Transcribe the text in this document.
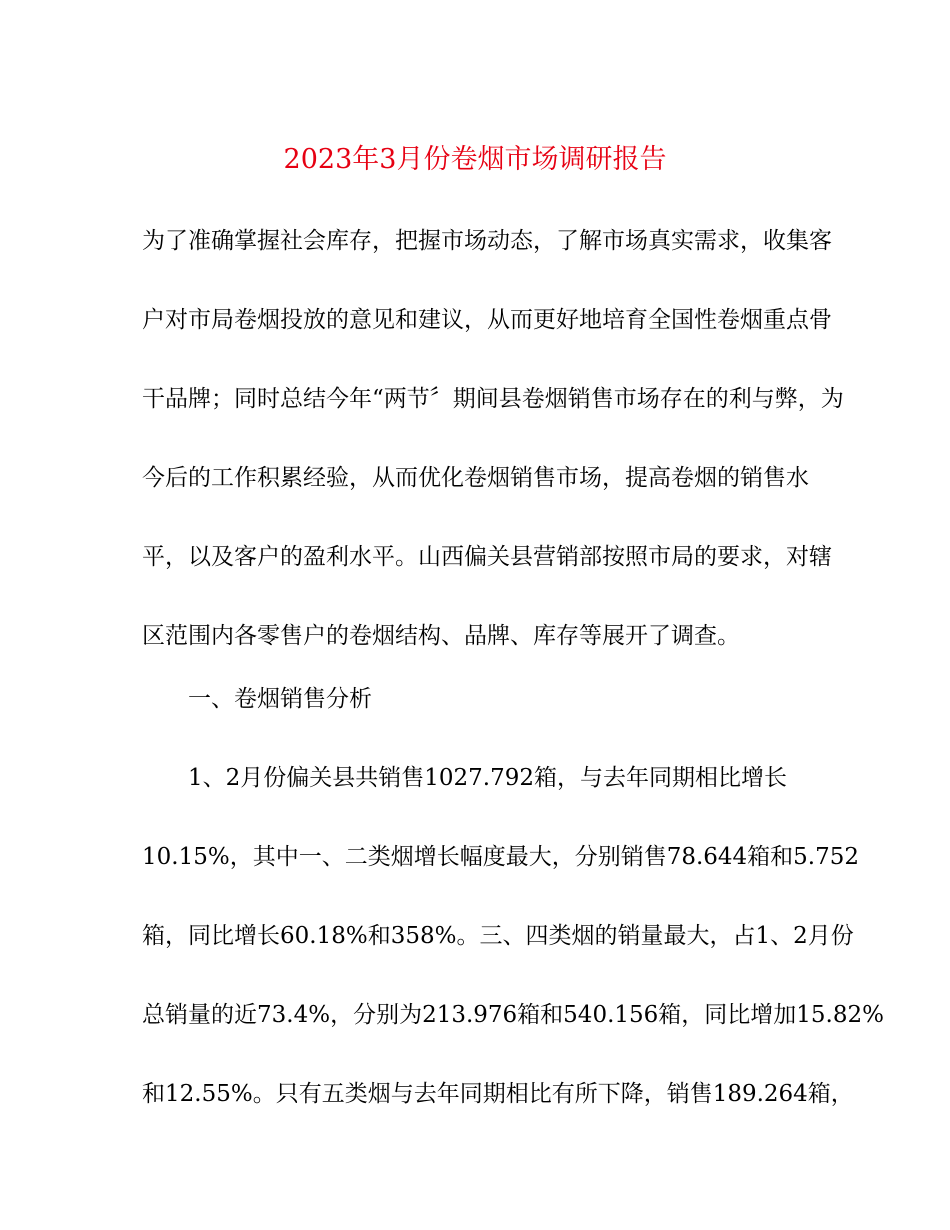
2023年3月份卷烟市场调研报告
为了准确掌握社会库存，把握市场动态，了解市场真实需求，收集客
户对市局卷烟投放的意见和建议，从而更好地培育全国性卷烟重点骨
干品牌；同时总结今年“两节〞期间县卷烟销售市场存在的利与弊，为
今后的工作积累经验，从而优化卷烟销售市场，提高卷烟的销售水
平，以及客户的盈利水平。山西偏关县营销部按照市局的要求，对辖
区范围内各零售户的卷烟结构、品牌、库存等展开了调查。
一、卷烟销售分析
1、2月份偏关县共销售1027.792箱，与去年同期相比增长
10.15%，其中一、二类烟增长幅度最大，分别销售78.644箱和5.752
箱，同比增长60.18%和358%。三、四类烟的销量最大，占1、2月份
总销量的近73.4%，分别为213.976箱和540.156箱，同比增加15.82%
和12.55%。只有五类烟与去年同期相比有所下降，销售189.264箱，
